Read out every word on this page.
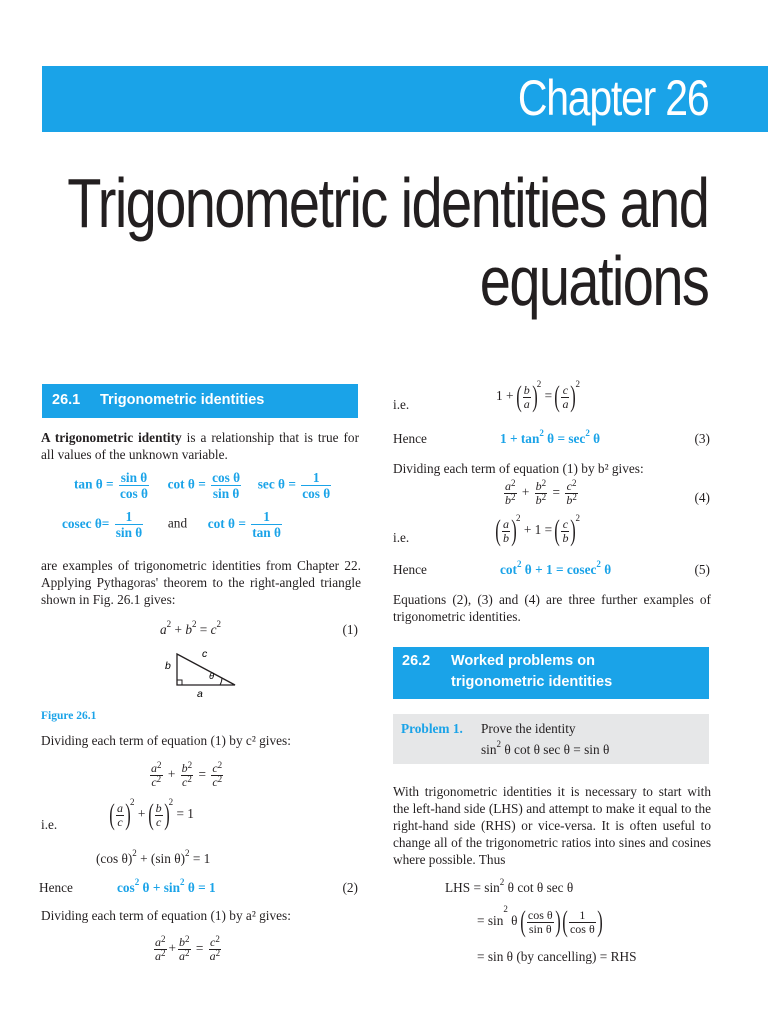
Chapter 26
Trigonometric identities and
equations
26.1 Trigonometric identities
A trigonometric identity is a relationship that is true for all values of the unknown variable.
$\tan \theta = \frac{\text{sin θ}}{\text{cos θ}}$ $\cot \theta = \frac{\text{cos θ}}{\text{sin θ}}$ $\sec \theta = \frac{1}{\text{cos θ}}$
cosec $\theta= \frac{1}{\text{sin θ}}$ and $\cot \theta = \frac{1}{\text{tan θ}}$
are examples of trigonometric identities from Chapter 22. Applying Pythagoras' theorem to the right-angled triangle shown in Fig. 26.1 gives:
$a^2 + b^2 = c^2$	(1)
b
c
θ
a
Figure 26.1
Dividing each term of equation (1) by c² gives:
$\frac{a^2}{c^2} + \frac{b^2}{c^2} = \frac{c^2}{c^2}$
i.e. ( $\frac{a}{c} )^2$ + ( $\frac{b}{c} )^2 = 1$
(cos θ)$^2$ + (sin θ)$^2$ = 1
Hence	$\cos^2 \theta + \sin^2 \theta = 1$	(2)
Dividing each term of equation (1) by a² gives:
$\frac{a^2}{a^2} + \frac{b^2}{a^2} = \frac{c^2}{a^2}$
i.e.
1 + ( $\frac{b}{a} )^2$ = ( $\frac{c}{a} )^2$
Hence	$1 + \tan^2 \theta = \sec^2 \theta$	(3)
Dividing each term of equation (1) by b² gives:
$\frac{a^2}{b^2} + \frac{b^2}{b^2} = \frac{c^2}{b^2}$	(4)
i.e.	( $\frac{a}{b} )^2 + 1$ = ( $\frac{c}{b} )^2$
Hence	$\cot^2 \theta + 1 = cosec^2$ θ	(5)
Equations (2), (3) and (4) are three further examples of trigonometric identities.
26.2 Worked problems on
trigonometric identities
Problem 1. Prove the identity
$\sin^2 \theta$ cot θ sec θ = sin θ
With trigonometric identities it is necessary to start with the left-hand side (LHS) and attempt to make it equal to the right-hand side (RHS) or vice-versa. It is often useful to change all of the trigonometric ratios into sines and cosines where possible. Thus
LHS = $\sin^2 \theta$ cot θ sec θ
= $\sin^2 \theta$ ( $\frac{\text{cos θ}}{\text{sin θ}}$ ) ( $\frac{1}{\text{cos θ}}$ )
= sin θ (by cancelling) = RHS
